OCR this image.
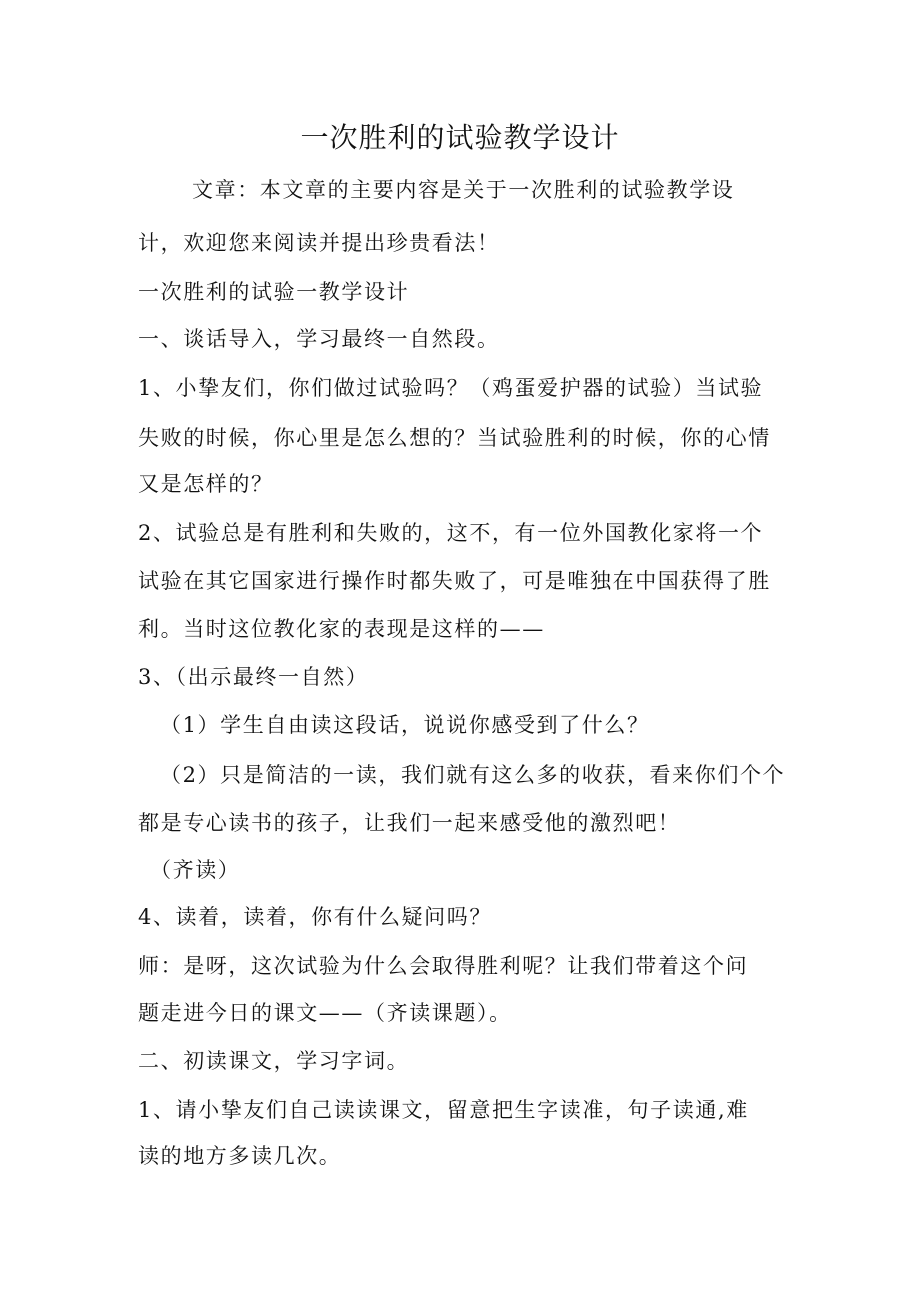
一次胜利的试验教学设计

文章：本文章的主要内容是关于一次胜利的试验教学设

计，欢迎您来阅读并提出珍贵看法！

一次胜利的试验一教学设计

一、谈话导入，学习最终一自然段。

1、小挚友们，你们做过试验吗？（鸡蛋爱护器的试验）当试验

失败的时候，你心里是怎么想的？当试验胜利的时候，你的心情

又是怎样的？

2、试验总是有胜利和失败的，这不，有一位外国教化家将一个

试验在其它国家进行操作时都失败了，可是唯独在中国获得了胜

利。当时这位教化家的表现是这样的——

3、（出示最终一自然）

（1）学生自由读这段话，说说你感受到了什么？

（2）只是简洁的一读，我们就有这么多的收获，看来你们个个

都是专心读书的孩子，让我们一起来感受他的激烈吧！

（齐读）

4、读着，读着，你有什么疑问吗？

师：是呀，这次试验为什么会取得胜利呢？让我们带着这个问

题走进今日的课文——（齐读课题）。

二、初读课文，学习字词。

1、请小挚友们自己读读课文，留意把生字读准，句子读通,难

读的地方多读几次。
